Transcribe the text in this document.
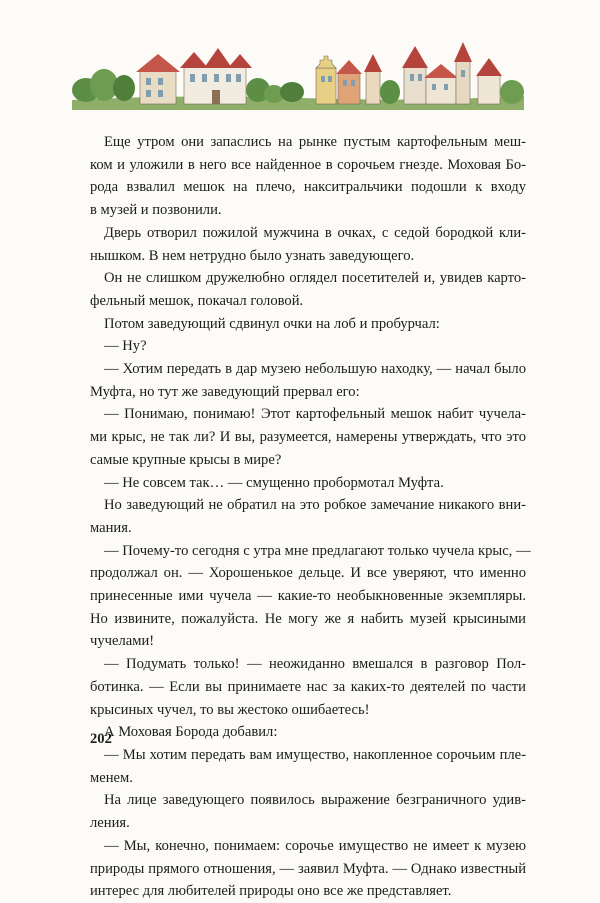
Еще утром они запаслись на рынке пустым картофельным меш-
ком и уложили в него все найденное в сорочьем гнезде. Моховая Бо-
рода взвалил мешок на плечо, накситральчики подошли к входу
в музей и позвонили.

Дверь отворил пожилой мужчина в очках, с седой бородкой кли-
нышком. В нем нетрудно было узнать заведующего.

Он не слишком дружелюбно оглядел посетителей и, увидев карто-
фельный мешок, покачал головой.

Потом заведующий сдвинул очки на лоб и пробурчал:

— Ну?

— Хотим передать в дар музею небольшую находку, — начал было
Муфта, но тут же заведующий прервал его:

— Понимаю, понимаю! Этот картофельный мешок набит чучела-
ми крыс, не так ли? И вы, разумеется, намерены утверждать, что это
самые крупные крысы в мире?

— Не совсем так… — смущенно пробормотал Муфта.

Но заведующий не обратил на это робкое замечание никакого вни-
мания.

— Почему-то сегодня с утра мне предлагают только чучела крыс, —
продолжал он. — Хорошенькое дельце. И все уверяют, что именно
принесенные ими чучела — какие-то необыкновенные экземпляры.
Но извините, пожалуйста. Не могу же я набить музей крысиными
чучелами!

— Подумать только! — неожиданно вмешался в разговор Пол-
ботинка. — Если вы принимаете нас за каких-то деятелей по части
крысиных чучел, то вы жестоко ошибаетесь!

А Моховая Борода добавил:

— Мы хотим передать вам имущество, накопленное сорочьим пле-
менем.

На лице заведующего появилось выражение безграничного удив-
ления.

— Мы, конечно, понимаем: сорочье имущество не имеет к музею
природы прямого отношения, — заявил Муфта. — Однако известный
интерес для любителей природы оно все же представляет.

202
